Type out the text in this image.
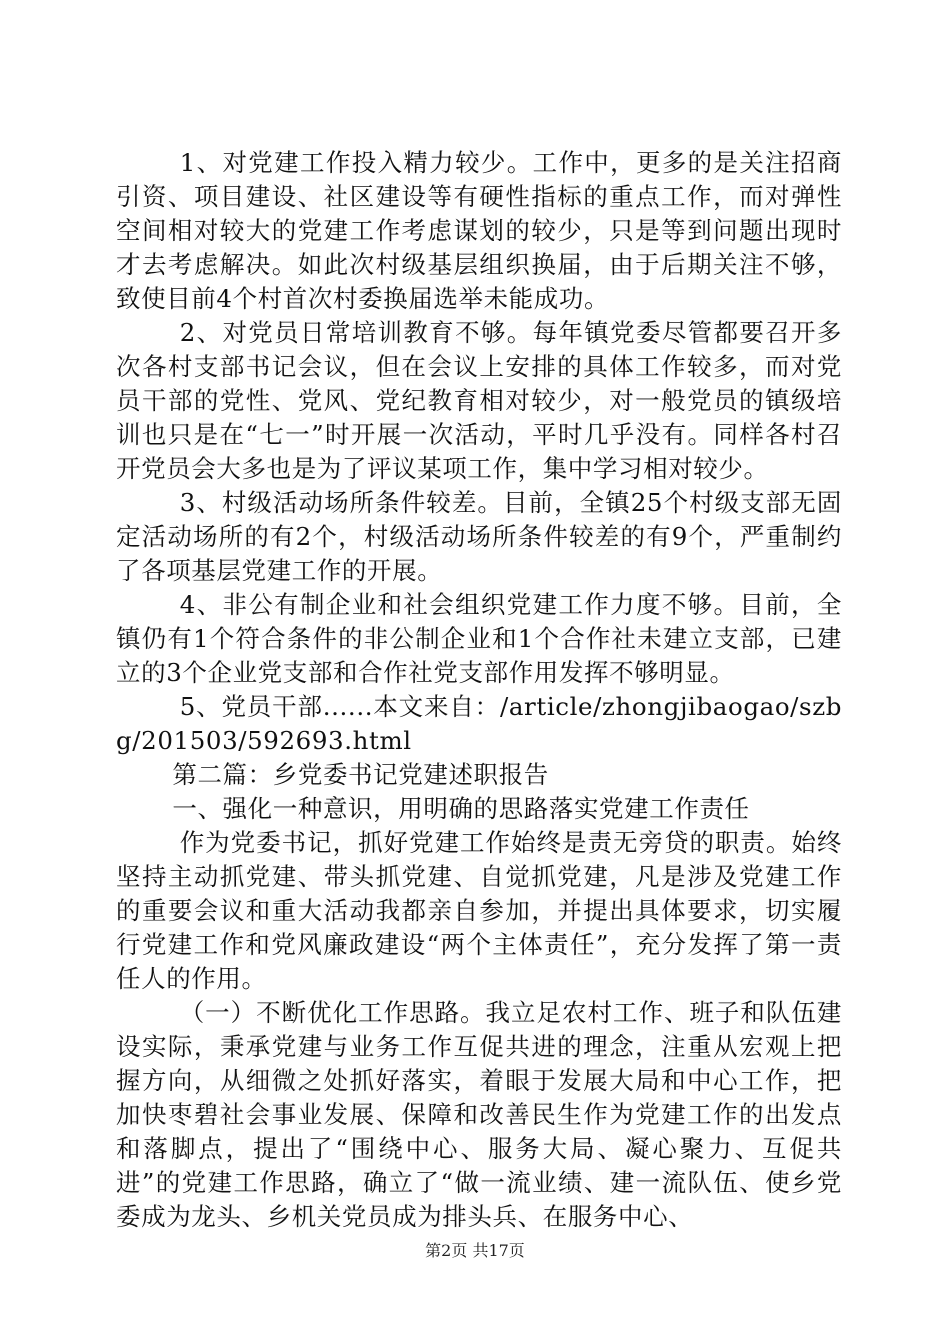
1、对党建工作投入精力较少。工作中，更多的是关注招商引资、项目建设、社区建设等有硬性指标的重点工作，而对弹性空间相对较大的党建工作考虑谋划的较少，只是等到问题出现时才去考虑解决。如此次村级基层组织换届，由于后期关注不够，致使目前4个村首次村委换届选举未能成功。

2、对党员日常培训教育不够。每年镇党委尽管都要召开多次各村支部书记会议，但在会议上安排的具体工作较多，而对党员干部的党性、党风、党纪教育相对较少，对一般党员的镇级培训也只是在“七一”时开展一次活动，平时几乎没有。同样各村召开党员会大多也是为了评议某项工作，集中学习相对较少。

3、村级活动场所条件较差。目前，全镇25个村级支部无固定活动场所的有2个，村级活动场所条件较差的有9个，严重制约了各项基层党建工作的开展。

4、非公有制企业和社会组织党建工作力度不够。目前，全镇仍有1个符合条件的非公制企业和1个合作社未建立支部，已建立的3个企业党支部和合作社党支部作用发挥不够明显。

5、党员干部......本文来自：/article/zhongjibaogao/szbg/201503/592693.html

第二篇：乡党委书记党建述职报告

一、强化一种意识，用明确的思路落实党建工作责任

作为党委书记，抓好党建工作始终是责无旁贷的职责。始终坚持主动抓党建、带头抓党建、自觉抓党建，凡是涉及党建工作的重要会议和重大活动我都亲自参加，并提出具体要求，切实履行党建工作和党风廉政建设“两个主体责任”，充分发挥了第一责任人的作用。

（一）不断优化工作思路。我立足农村工作、班子和队伍建设实际，秉承党建与业务工作互促共进的理念，注重从宏观上把握方向，从细微之处抓好落实，着眼于发展大局和中心工作，把加快枣碧社会事业发展、保障和改善民生作为党建工作的出发点和落脚点，提出了“围绕中心、服务大局、凝心聚力、互促共进”的党建工作思路，确立了“做一流业绩、建一流队伍、使乡党委成为龙头、乡机关党员成为排头兵、在服务中心、

第2页 共17页
